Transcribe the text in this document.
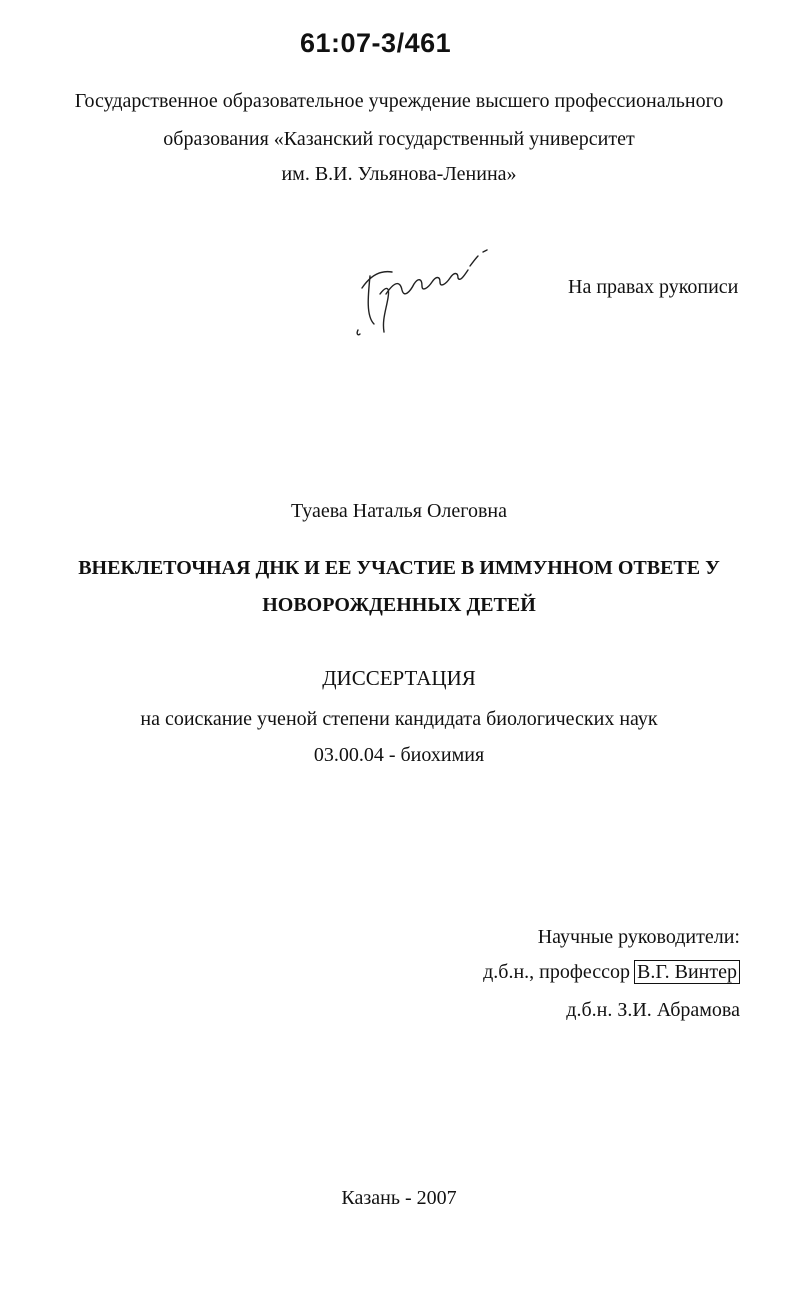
61:07-3/461
Государственное образовательное учреждение высшего профессионального
образования «Казанский государственный университет
им. В.И. Ульянова-Ленина»
На правах рукописи
Туаева Наталья Олеговна
ВНЕКЛЕТОЧНАЯ ДНК И ЕЕ УЧАСТИЕ В ИММУННОМ ОТВЕТЕ У
НОВОРОЖДЕННЫХ ДЕТЕЙ
ДИССЕРТАЦИЯ
на соискание ученой степени кандидата биологических наук
03.00.04 - биохимия
Научные руководители:
д.б.н., профессор В.Г. Винтер
д.б.н. З.И. Абрамова
Казань - 2007
